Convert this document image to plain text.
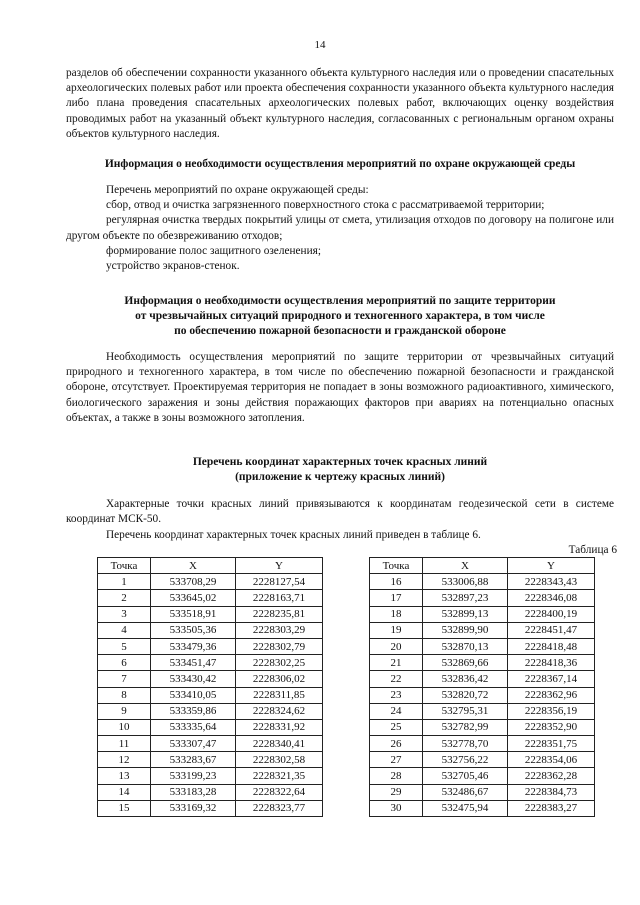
14

разделов об обеспечении сохранности указанного объекта культурного наследия или о проведении спасательных археологических полевых работ или проекта обеспечения сохранности указанного объекта культурного наследия либо плана проведения спасательных археологических полевых работ, включающих оценку воздействия проводимых работ на указанный объект культурного наследия, согласованных с региональным органом охраны объектов культурного наследия.

Информация о необходимости осуществления мероприятий по охране окружающей среды
Перечень мероприятий по охране окружающей среды:
сбор, отвод и очистка загрязненного поверхностного стока с рассматриваемой территории;
регулярная очистка твердых покрытий улицы от смета, утилизация отходов по договору на полигоне или другом объекте по обезвреживанию отходов;
формирование полос защитного озеленения;
устройство экранов-стенок.
Информация о необходимости осуществления мероприятий по защите территории
от чрезвычайных ситуаций природного и техногенного характера, в том числе
по обеспечению пожарной безопасности и гражданской обороне

Необходимость осуществления мероприятий по защите территории от чрезвычайных ситуаций природного и техногенного характера, в том числе по обеспечению пожарной безопасности и гражданской обороне, отсутствует. Проектируемая территория не попадает в зоны возможного радиоактивного, химического, биологического заражения и зоны действия поражающих факторов при авариях на потенциально опасных объектах, а также в зоны возможного затопления.

Перечень координат характерных точек красных линий
(приложение к чертежу красных линий)

Характерные точки красных линий привязываются к координатам геодезической сети в системе координат МСК-50.

Перечень координат характерных точек красных линий приведен в таблице 6.

Таблица 6
Точка	X	Y
1	533708,29	2228127,54
2	533645,02	2228163,71
3	533518,91	2228235,81
4	533505,36	2228303,29
5	533479,36	2228302,79
6	533451,47	2228302,25
7	533430,42	2228306,02
8	533410,05	2228311,85
9	533359,86	2228324,62
10	533335,64	2228331,92
11	533307,47	2228340,41
12	533283,67	2228302,58
13	533199,23	2228321,35
14	533183,28	2228322,64
15	533169,32	2228323,77
Точка	X	Y
16	533006,88	2228343,43
17	532897,23	2228346,08
18	532899,13	2228400,19
19	532899,90	2228451,47
20	532870,13	2228418,48
21	532869,66	2228418,36
22	532836,42	2228367,14
23	532820,72	2228362,96
24	532795,31	2228356,19
25	532782,99	2228352,90
26	532778,70	2228351,75
27	532756,22	2228354,06
28	532705,46	2228362,28
29	532486,67	2228384,73
30	532475,94	2228383,27
